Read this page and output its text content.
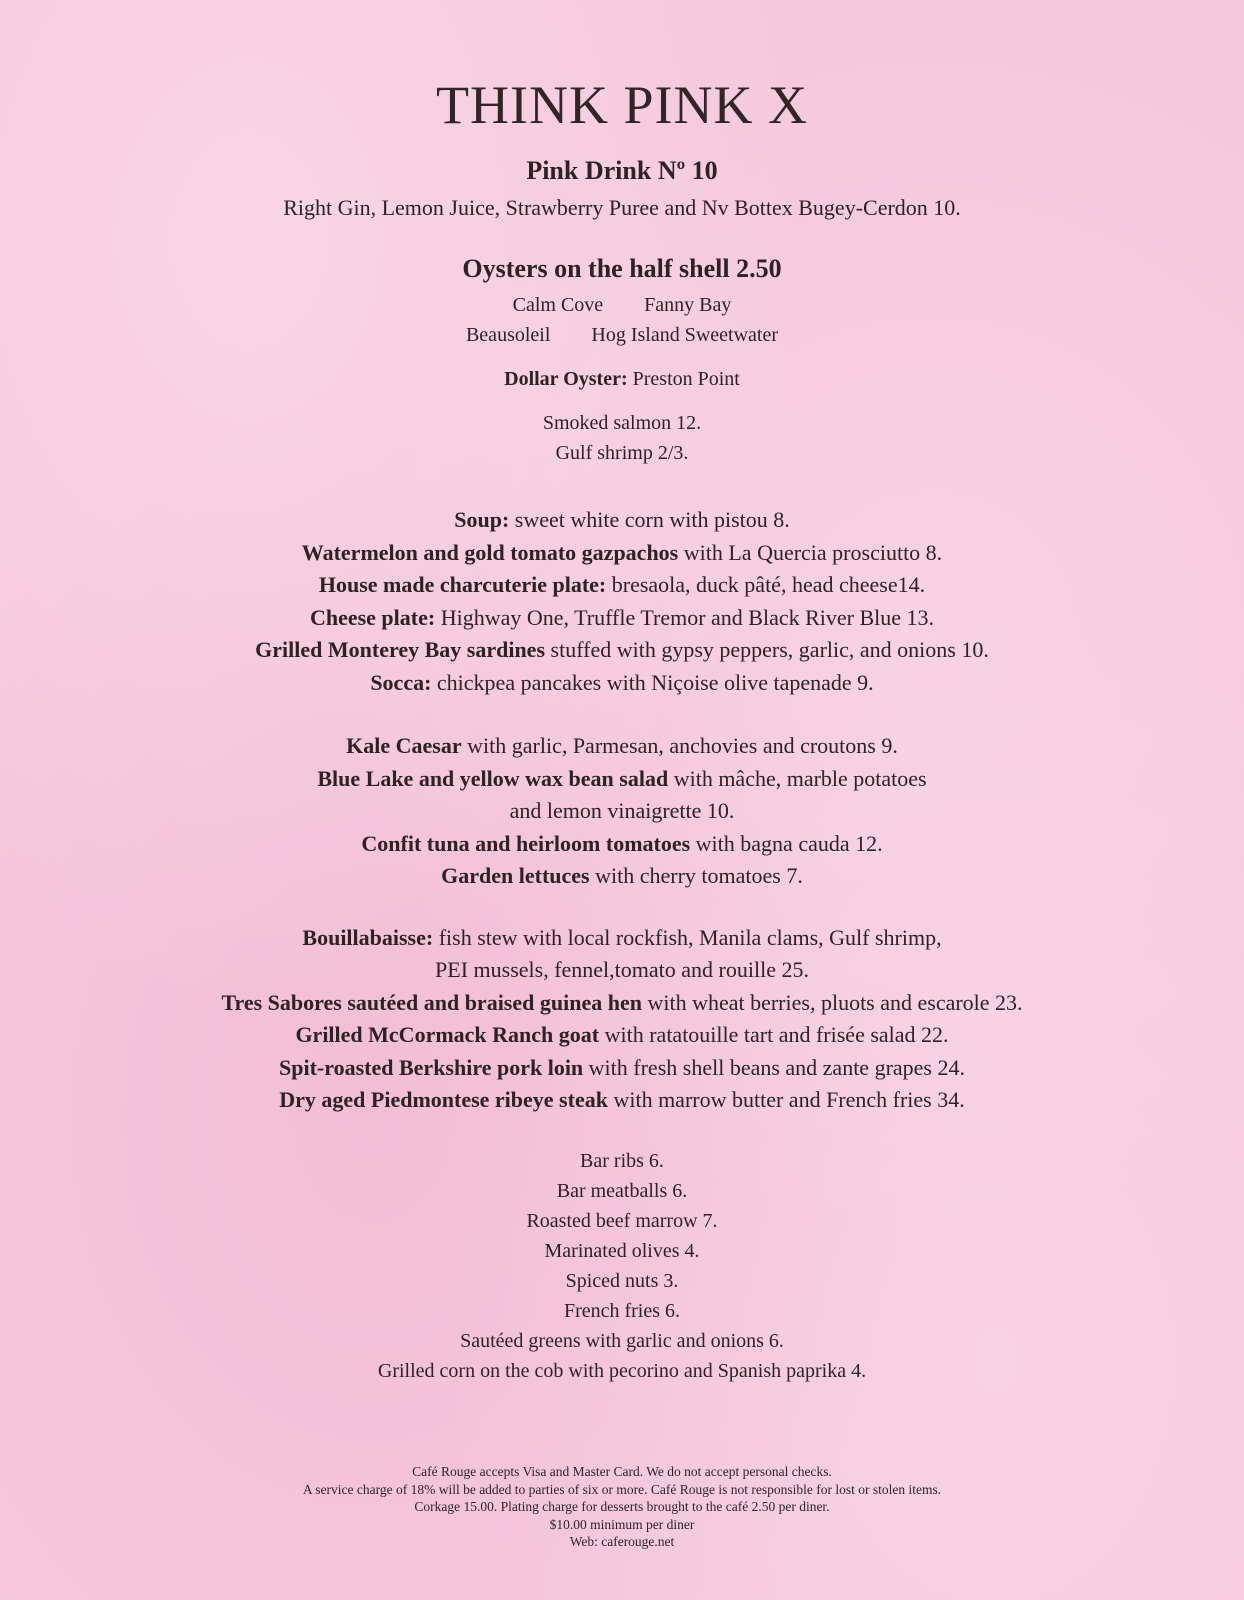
THINK PINK X
Pink Drink Nº 10
Right Gin, Lemon Juice, Strawberry Puree and Nv Bottex Bugey-Cerdon 10.
Oysters on the half shell 2.50
Calm Cove Fanny Bay
Beausoleil Hog Island Sweetwater
Dollar Oyster: Preston Point
Smoked salmon 12.
Gulf shrimp 2/3.
Soup: sweet white corn with pistou 8.
Watermelon and gold tomato gazpachos with La Quercia prosciutto 8.
House made charcuterie plate: bresaola, duck pâté, head cheese14.
Cheese plate: Highway One, Truffle Tremor and Black River Blue 13.
Grilled Monterey Bay sardines stuffed with gypsy peppers, garlic, and onions 10.
Socca: chickpea pancakes with Niçoise olive tapenade 9.
Kale Caesar with garlic, Parmesan, anchovies and croutons 9.
Blue Lake and yellow wax bean salad with mâche, marble potatoes
and lemon vinaigrette 10.
Confit tuna and heirloom tomatoes with bagna cauda 12.
Garden lettuces with cherry tomatoes 7.
Bouillabaisse: fish stew with local rockfish, Manila clams, Gulf shrimp,
PEI mussels, fennel,tomato and rouille 25.
Tres Sabores sautéed and braised guinea hen with wheat berries, pluots and escarole 23.
Grilled McCormack Ranch goat with ratatouille tart and frisée salad 22.
Spit-roasted Berkshire pork loin with fresh shell beans and zante grapes 24.
Dry aged Piedmontese ribeye steak with marrow butter and French fries 34.
Bar ribs 6.
Bar meatballs 6.
Roasted beef marrow 7.
Marinated olives 4.
Spiced nuts 3.
French fries 6.
Sautéed greens with garlic and onions 6.
Grilled corn on the cob with pecorino and Spanish paprika 4.
Café Rouge accepts Visa and Master Card. We do not accept personal checks.
A service charge of 18% will be added to parties of six or more. Café Rouge is not responsible for lost or stolen items.
Corkage 15.00. Plating charge for desserts brought to the café 2.50 per diner.
$10.00 minimum per diner
Web: caferouge.net
